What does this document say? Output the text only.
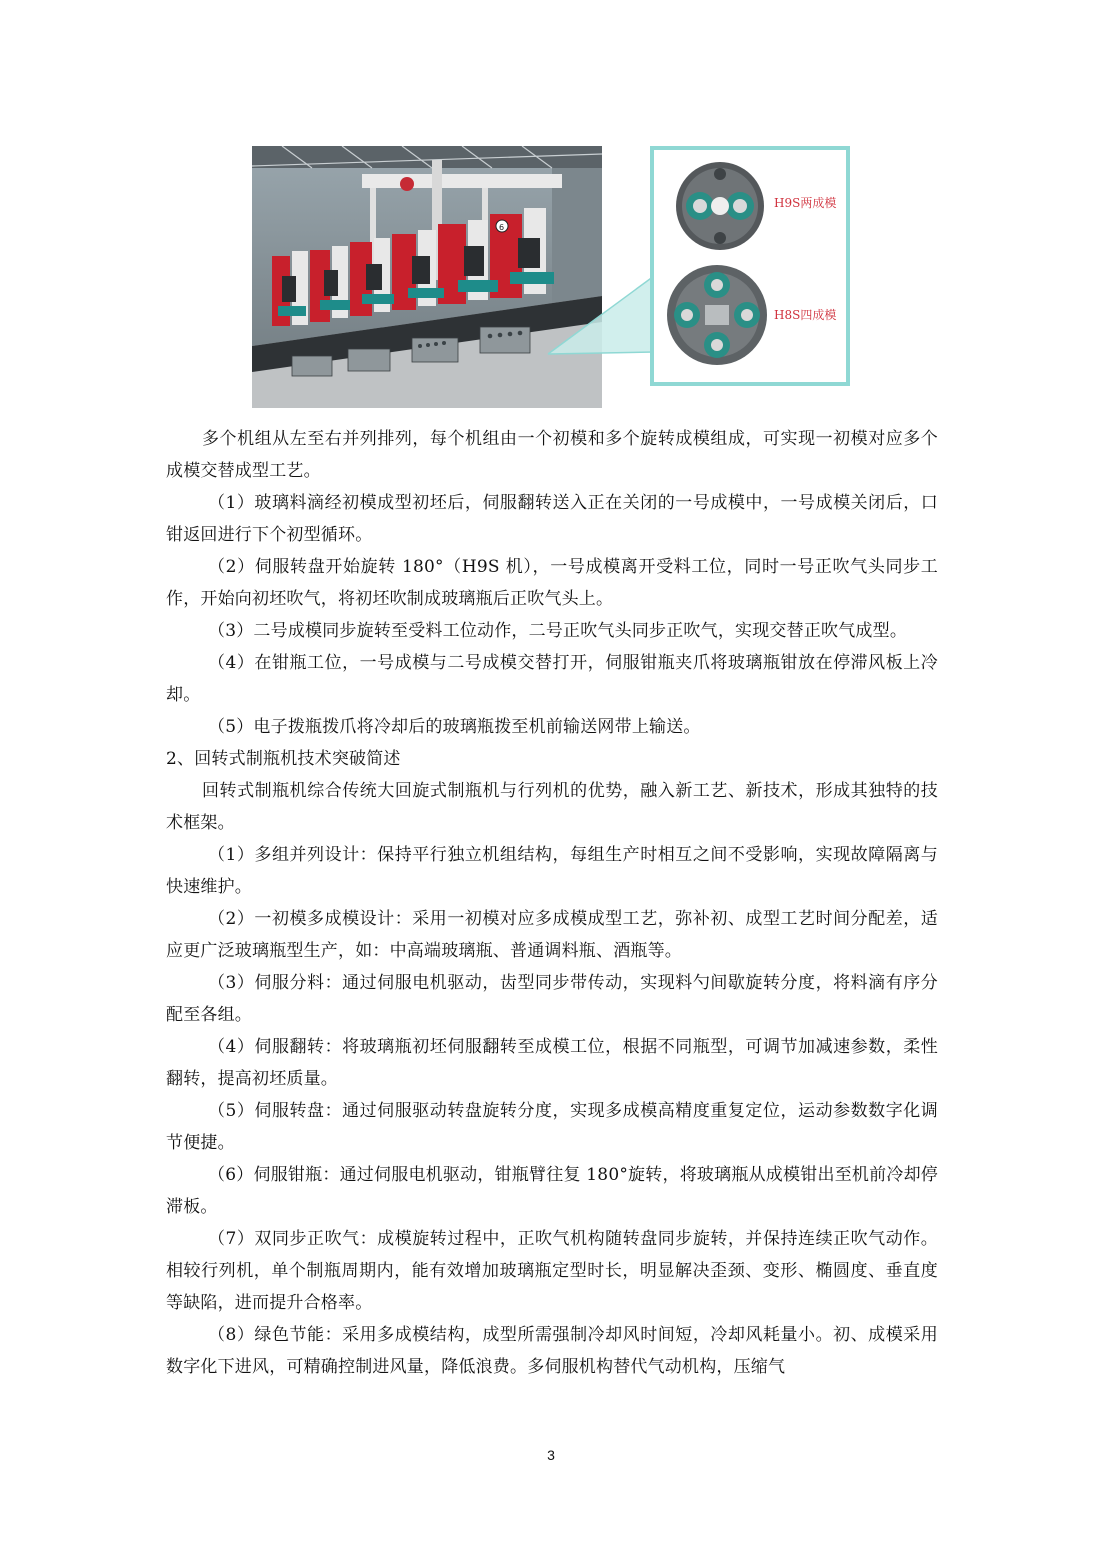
6
H9S两成模
H8S四成模

多个机组从左至右并列排列，每个机组由一个初模和多个旋转成模组成，可实现一初模对应多个成模交替成型工艺。

（1）玻璃料滴经初模成型初坯后，伺服翻转送入正在关闭的一号成模中，一号成模关闭后，口钳返回进行下个初型循环。

（2）伺服转盘开始旋转 180°（H9S 机），一号成模离开受料工位，同时一号正吹气头同步工作，开始向初坯吹气，将初坯吹制成玻璃瓶后正吹气头上。

（3）二号成模同步旋转至受料工位动作，二号正吹气头同步正吹气，实现交替正吹气成型。

（4）在钳瓶工位，一号成模与二号成模交替打开，伺服钳瓶夹爪将玻璃瓶钳放在停滞风板上冷却。

（5）电子拨瓶拨爪将冷却后的玻璃瓶拨至机前输送网带上输送。

2、回转式制瓶机技术突破简述

回转式制瓶机综合传统大回旋式制瓶机与行列机的优势，融入新工艺、新技术，形成其独特的技术框架。

（1）多组并列设计：保持平行独立机组结构，每组生产时相互之间不受影响，实现故障隔离与快速维护。

（2）一初模多成模设计：采用一初模对应多成模成型工艺，弥补初、成型工艺时间分配差，适应更广泛玻璃瓶型生产，如：中高端玻璃瓶、普通调料瓶、酒瓶等。

（3）伺服分料：通过伺服电机驱动，齿型同步带传动，实现料勺间歇旋转分度，将料滴有序分配至各组。

（4）伺服翻转：将玻璃瓶初坯伺服翻转至成模工位，根据不同瓶型，可调节加减速参数，柔性翻转，提高初坯质量。

（5）伺服转盘：通过伺服驱动转盘旋转分度，实现多成模高精度重复定位，运动参数数字化调节便捷。

（6）伺服钳瓶：通过伺服电机驱动，钳瓶臂往复 180°旋转，将玻璃瓶从成模钳出至机前冷却停滞板。

（7）双同步正吹气：成模旋转过程中，正吹气机构随转盘同步旋转，并保持连续正吹气动作。相较行列机，单个制瓶周期内，能有效增加玻璃瓶定型时长，明显解决歪颈、变形、椭圆度、垂直度等缺陷，进而提升合格率。

（8）绿色节能：采用多成模结构，成型所需强制冷却风时间短，冷却风耗量小。初、成模采用数字化下进风，可精确控制进风量，降低浪费。多伺服机构替代气动机构，压缩气

3
